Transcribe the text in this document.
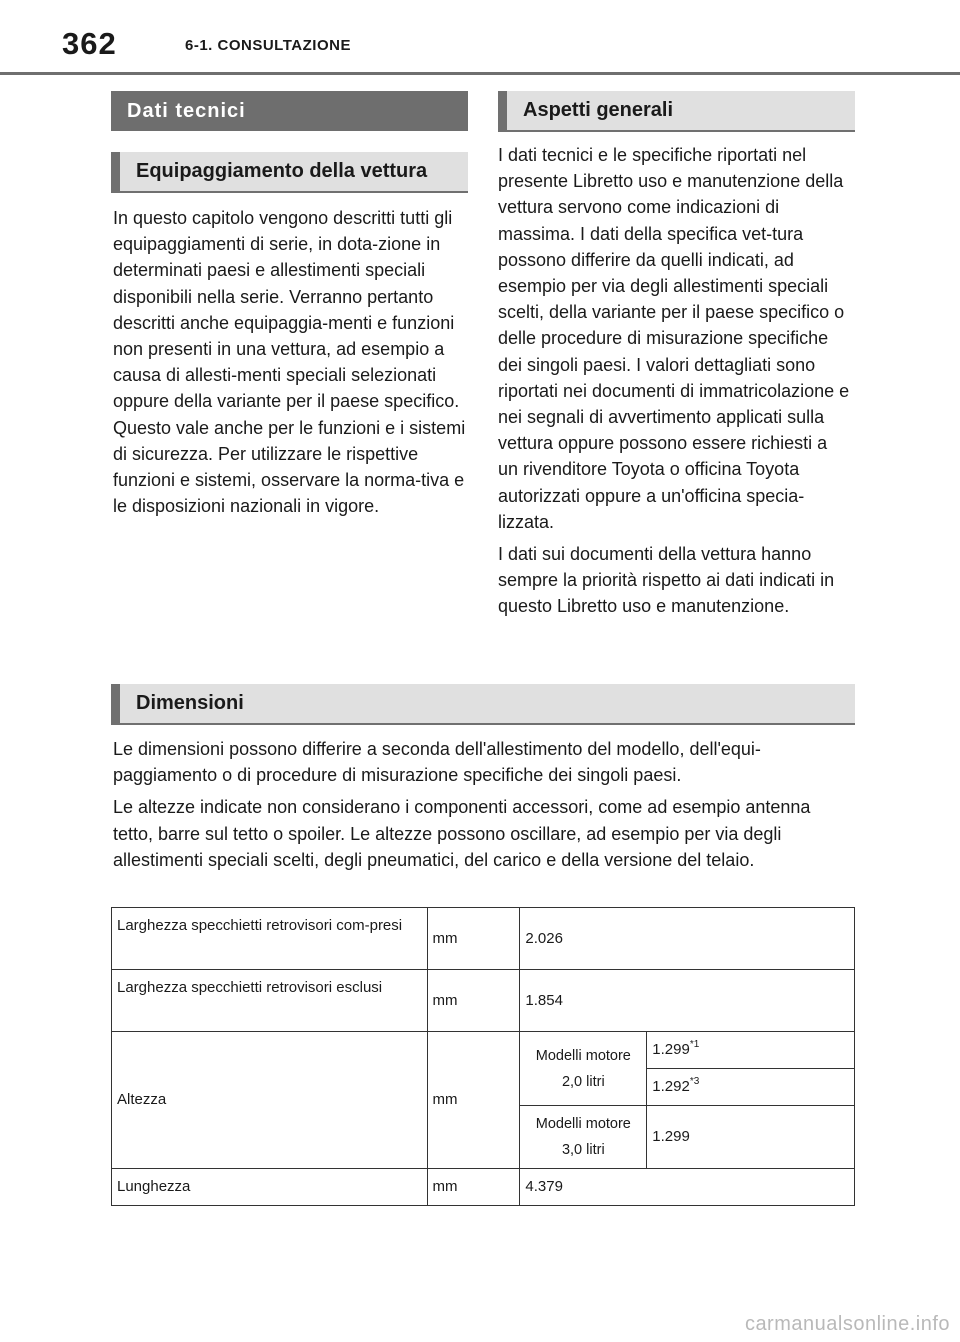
362	6-1. CONSULTAZIONE
Dati tecnici
Equipaggiamento della vettura

In questo capitolo vengono descritti tutti gli equipaggiamenti di serie, in dota-zione in determinati paesi e allestimenti speciali disponibili nella serie. Verranno pertanto descritti anche equipaggia-menti e funzioni non presenti in una vettura, ad esempio a causa di allesti-menti speciali selezionati oppure della variante per il paese specifico. Questo vale anche per le funzioni e i sistemi di sicurezza. Per utilizzare le rispettive funzioni e sistemi, osservare la norma-tiva e le disposizioni nazionali in vigore.

Aspetti generali

I dati tecnici e le specifiche riportati nel presente Libretto uso e manutenzione della vettura servono come indicazioni di massima. I dati della specifica vet-tura possono differire da quelli indicati, ad esempio per via degli allestimenti speciali scelti, della variante per il paese specifico o delle procedure di misurazione specifiche dei singoli paesi. I valori dettagliati sono riportati nei documenti di immatricolazione e nei segnali di avvertimento applicati sulla vettura oppure possono essere richiesti a un rivenditore Toyota o officina Toyota autorizzati oppure a un'officina specia-lizzata.

I dati sui documenti della vettura hanno sempre la priorità rispetto ai dati indicati in questo Libretto uso e manutenzione.

Dimensioni

Le dimensioni possono differire a seconda dell'allestimento del modello, dell'equi-paggiamento o di procedure di misurazione specifiche dei singoli paesi.

Le altezze indicate non considerano i componenti accessori, come ad esempio antenna tetto, barre sul tetto o spoiler. Le altezze possono oscillare, ad esempio per via degli allestimenti speciali scelti, degli pneumatici, del carico e della versione del telaio.

Larghezza specchietti retrovisori com-presi	mm	2.026	
Larghezza specchietti retrovisori esclusi	mm	1.854	
Altezza	mm	Modelli motore 2,0 litri	1.299$^{*1}$
			1.292$^{*3}$
		Modelli motore 3,0 litri	1.299
Lunghezza	mm	4.379	
carmanualsonline.info
